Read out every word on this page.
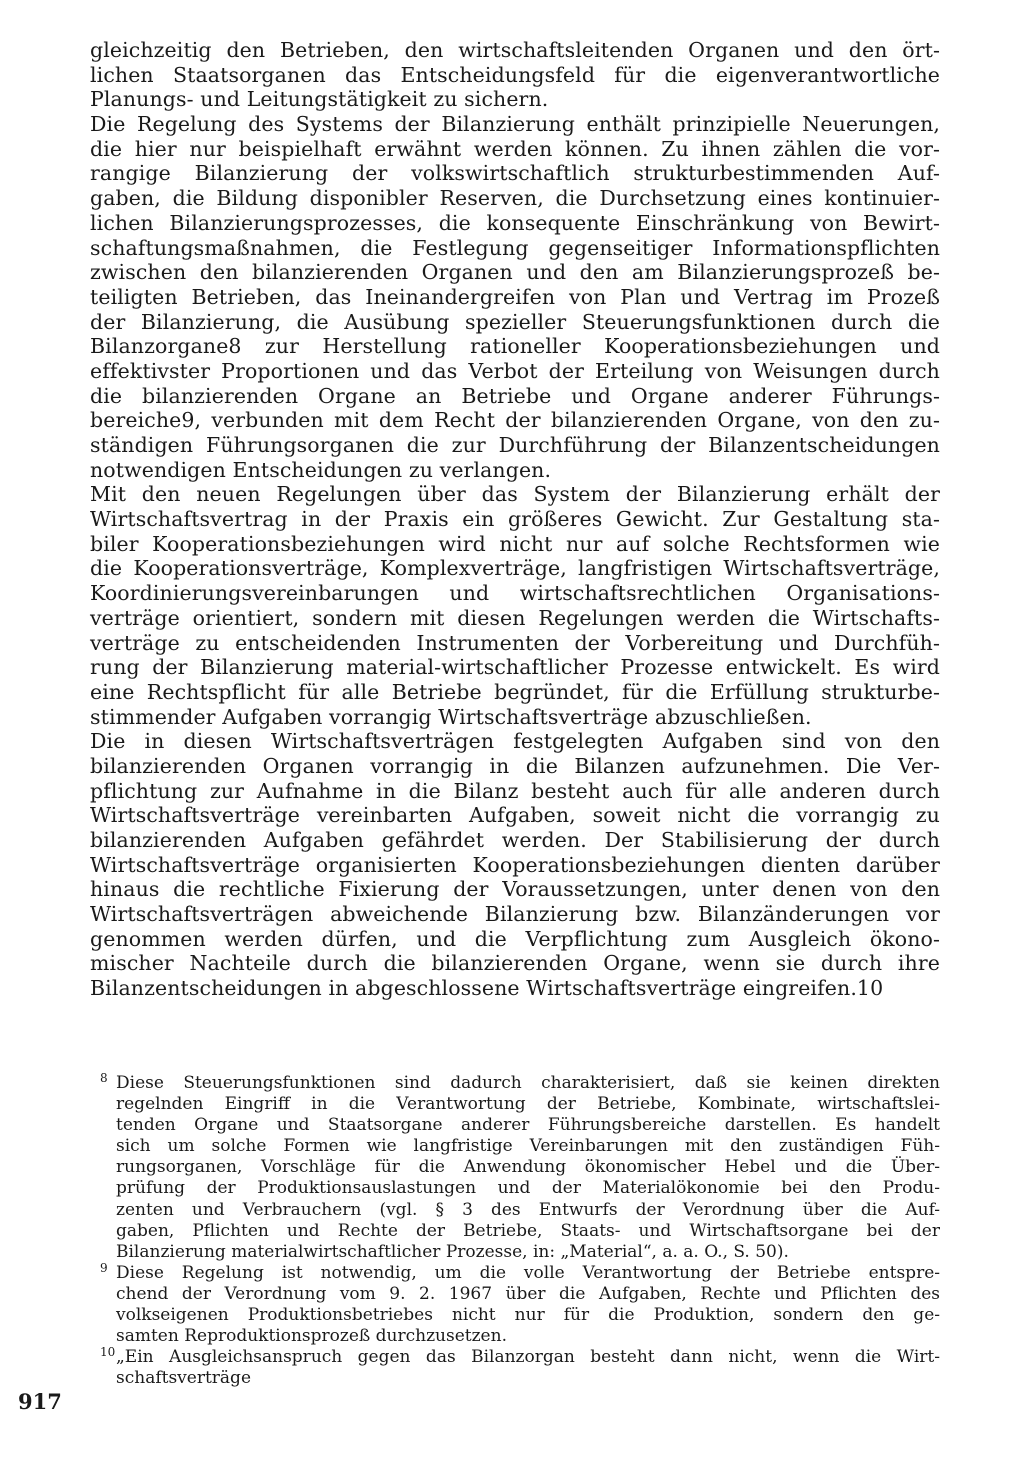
gleichzeitig den Betrieben, den wirtschaftsleitenden Organen und den ört-
lichen Staatsorganen das Entscheidungsfeld für die eigenverantwortliche
Planungs- und Leitungstätigkeit zu sichern.
Die Regelung des Systems der Bilanzierung enthält prinzipielle Neuerungen,
die hier nur beispielhaft erwähnt werden können. Zu ihnen zählen die vor-
rangige Bilanzierung der volkswirtschaftlich strukturbestimmenden Auf-
gaben, die Bildung disponibler Reserven, die Durchsetzung eines kontinuier-
lichen Bilanzierungsprozesses, die konsequente Einschränkung von Bewirt-
schaftungsmaßnahmen, die Festlegung gegenseitiger Informationspflichten
zwischen den bilanzierenden Organen und den am Bilanzierungsprozeß be-
teiligten Betrieben, das Ineinandergreifen von Plan und Vertrag im Prozeß
der Bilanzierung, die Ausübung spezieller Steuerungsfunktionen durch die
Bilanzorgane8 zur Herstellung rationeller Kooperationsbeziehungen und
effektivster Proportionen und das Verbot der Erteilung von Weisungen durch
die bilanzierenden Organe an Betriebe und Organe anderer Führungs-
bereiche9, verbunden mit dem Recht der bilanzierenden Organe, von den zu-
ständigen Führungsorganen die zur Durchführung der Bilanzentscheidungen
notwendigen Entscheidungen zu verlangen.
Mit den neuen Regelungen über das System der Bilanzierung erhält der
Wirtschaftsvertrag in der Praxis ein größeres Gewicht. Zur Gestaltung sta-
biler Kooperationsbeziehungen wird nicht nur auf solche Rechtsformen wie
die Kooperationsverträge, Komplexverträge, langfristigen Wirtschaftsverträge,
Koordinierungsvereinbarungen und wirtschaftsrechtlichen Organisations-
verträge orientiert, sondern mit diesen Regelungen werden die Wirtschafts-
verträge zu entscheidenden Instrumenten der Vorbereitung und Durchfüh-
rung der Bilanzierung material-wirtschaftlicher Prozesse entwickelt. Es wird
eine Rechtspflicht für alle Betriebe begründet, für die Erfüllung strukturbe-
stimmender Aufgaben vorrangig Wirtschaftsverträge abzuschließen.
Die in diesen Wirtschaftsverträgen festgelegten Aufgaben sind von den
bilanzierenden Organen vorrangig in die Bilanzen aufzunehmen. Die Ver-
pflichtung zur Aufnahme in die Bilanz besteht auch für alle anderen durch
Wirtschaftsverträge vereinbarten Aufgaben, soweit nicht die vorrangig zu
bilanzierenden Aufgaben gefährdet werden. Der Stabilisierung der durch
Wirtschaftsverträge organisierten Kooperationsbeziehungen dienten darüber
hinaus die rechtliche Fixierung der Voraussetzungen, unter denen von den
Wirtschaftsverträgen abweichende Bilanzierung bzw. Bilanzänderungen vor
genommen werden dürfen, und die Verpflichtung zum Ausgleich ökono-
mischer Nachteile durch die bilanzierenden Organe, wenn sie durch ihre
Bilanzentscheidungen in abgeschlossene Wirtschaftsverträge eingreifen.10
8 Diese Steuerungsfunktionen sind dadurch charakterisiert, daß sie keinen direkten
regelnden Eingriff in die Verantwortung der Betriebe, Kombinate, wirtschaftslei-
tenden Organe und Staatsorgane anderer Führungsbereiche darstellen. Es handelt
sich um solche Formen wie langfristige Vereinbarungen mit den zuständigen Füh-
rungsorganen, Vorschläge für die Anwendung ökonomischer Hebel und die Über-
prüfung der Produktionsauslastungen und der Materialökonomie bei den Produ-
zenten und Verbrauchern (vgl. § 3 des Entwurfs der Verordnung über die Auf-
gaben, Pflichten und Rechte der Betriebe, Staats- und Wirtschaftsorgane bei der
Bilanzierung materialwirtschaftlicher Prozesse, in: „Material“, a. a. O., S. 50).
9 Diese Regelung ist notwendig, um die volle Verantwortung der Betriebe entspre-
chend der Verordnung vom 9. 2. 1967 über die Aufgaben, Rechte und Pflichten des
volkseigenen Produktionsbetriebes nicht nur für die Produktion, sondern den ge-
samten Reproduktionsprozeß durchzusetzen.
10 „Ein Ausgleichsanspruch gegen das Bilanzorgan besteht dann nicht, wenn die Wirt-
schaftsverträge
917
